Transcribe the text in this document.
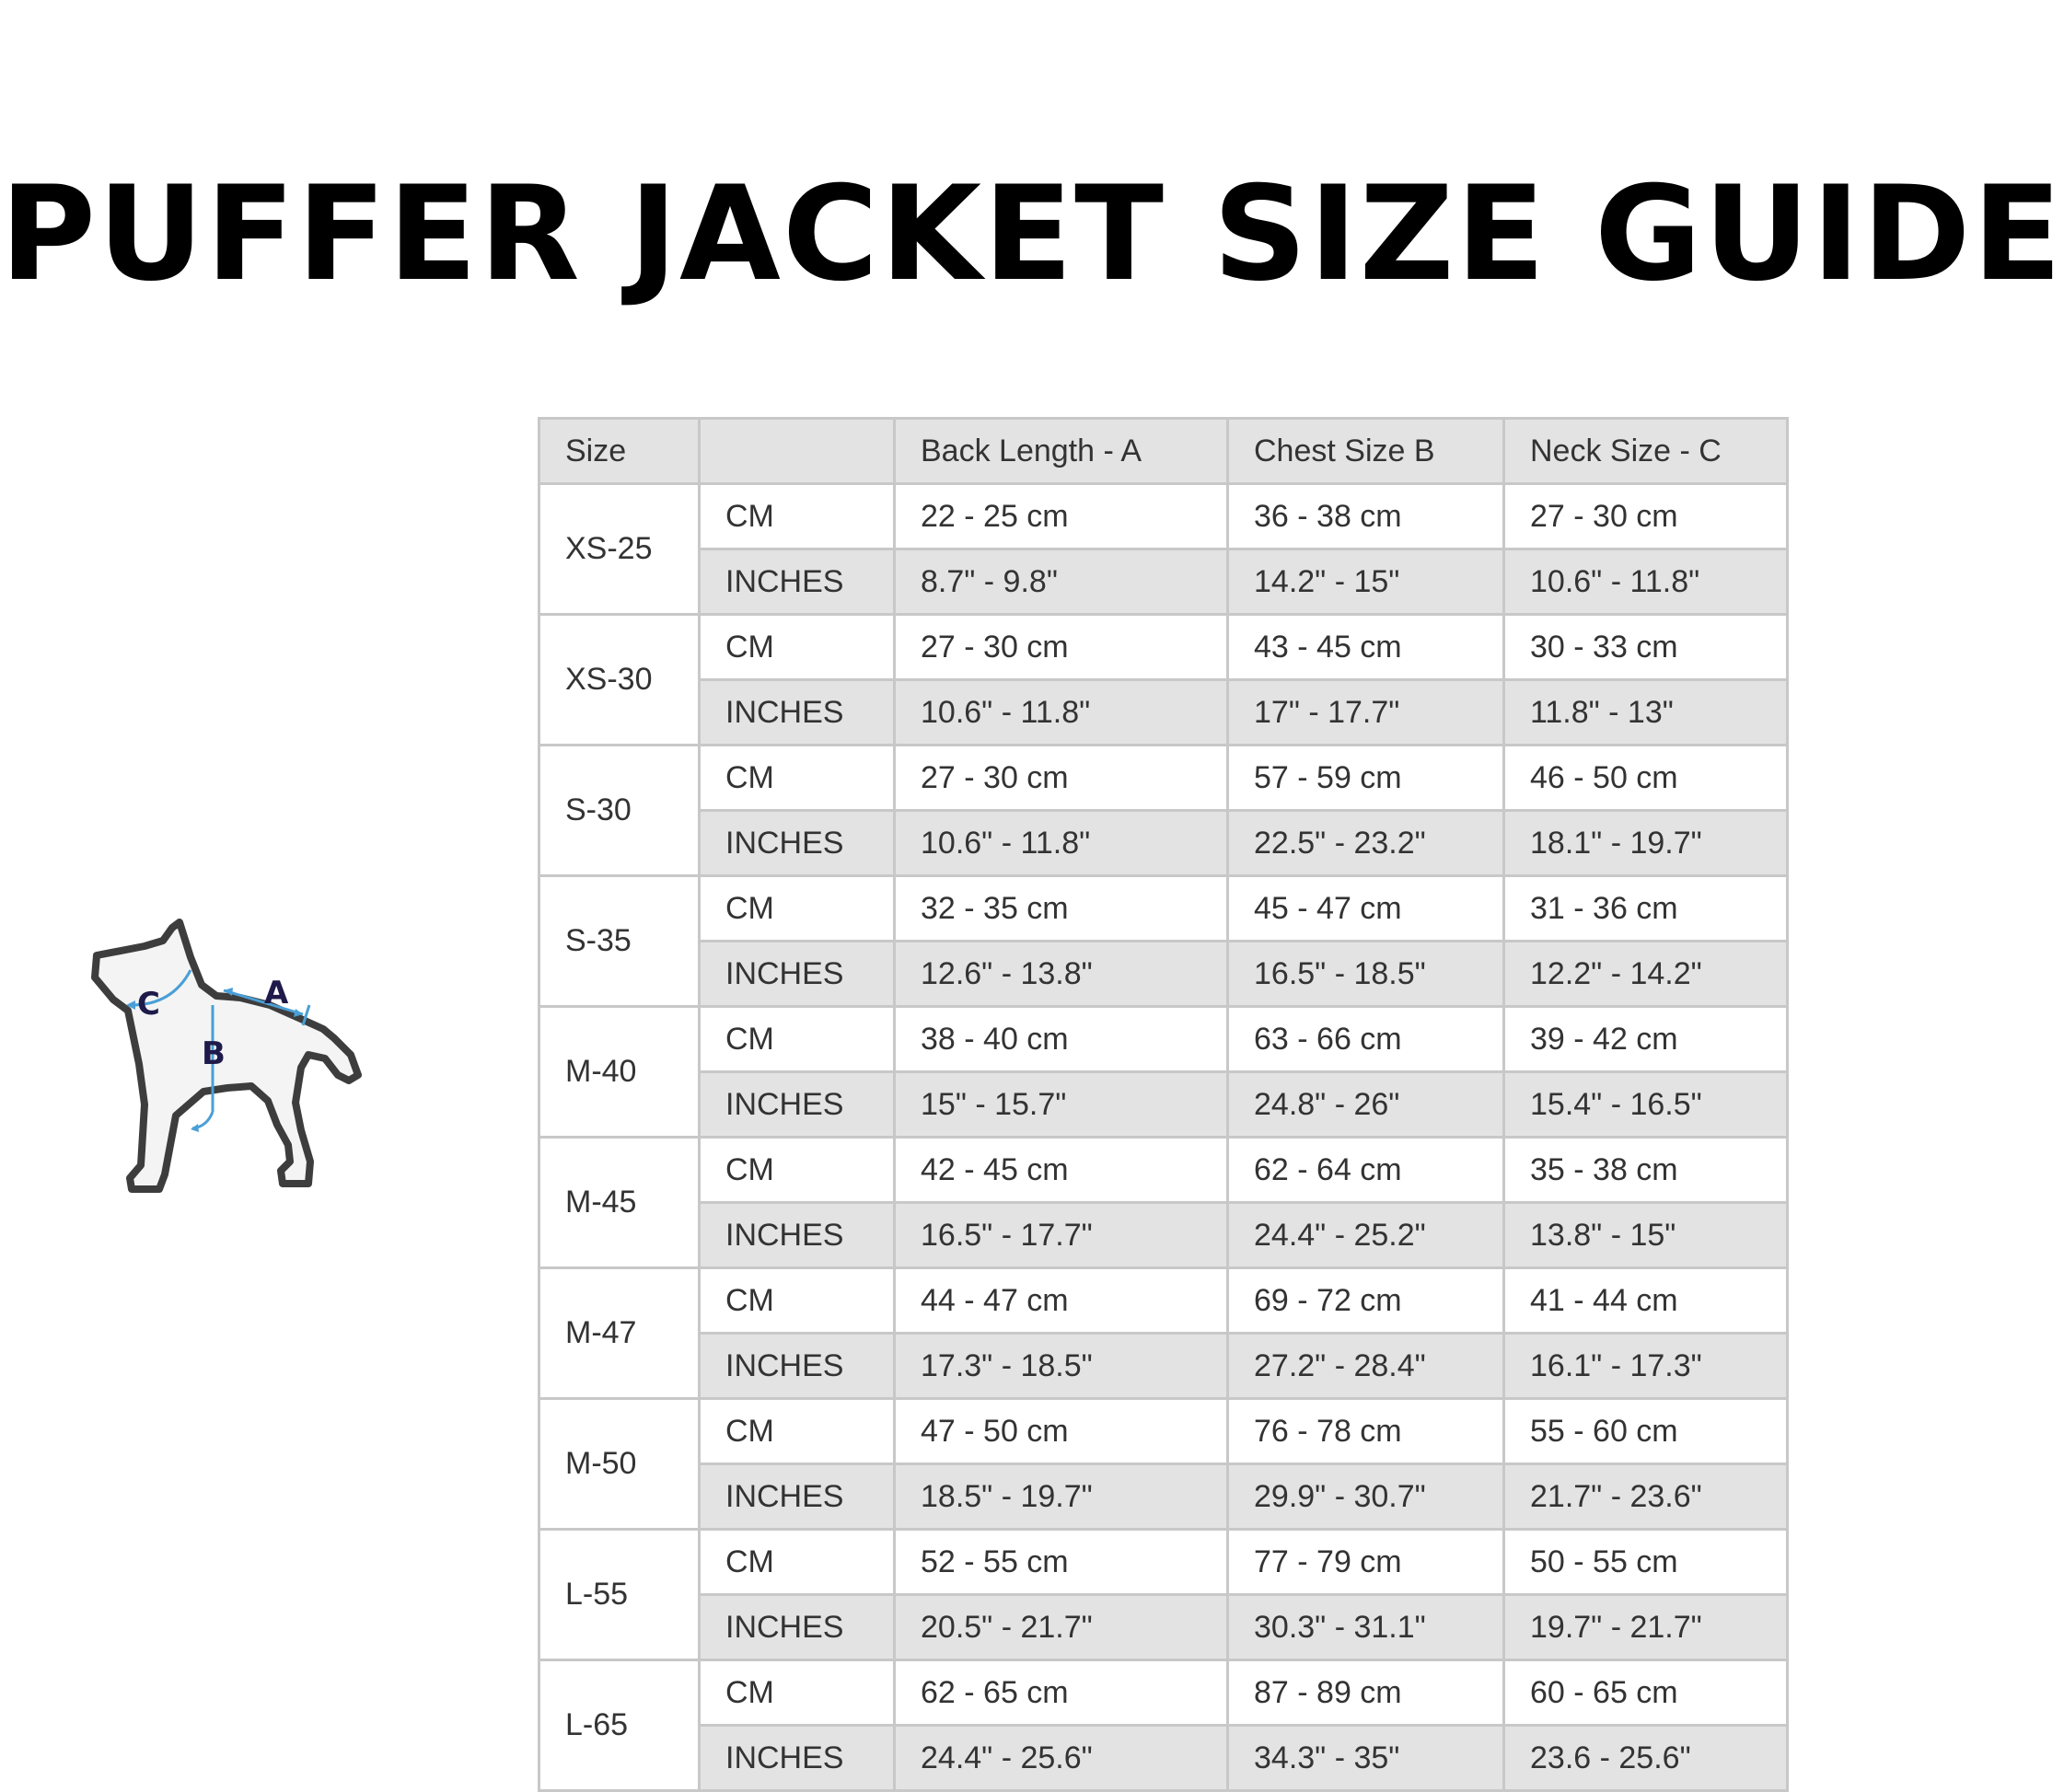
PUFFER JACKET SIZE GUIDE
A
B
C
Size		Back Length - A	Chest Size B	Neck Size - C
XS-25	CM	22 - 25 cm	36 - 38 cm	27 - 30 cm
	INCHES	8.7" - 9.8"	14.2" - 15"	10.6" - 11.8"
XS-30	CM	27 - 30 cm	43 - 45 cm	30 - 33 cm
	INCHES	10.6" - 11.8"	17" - 17.7"	11.8" - 13"
S-30	CM	27 - 30 cm	57 - 59 cm	46 - 50 cm
	INCHES	10.6" - 11.8"	22.5" - 23.2"	18.1" - 19.7"
S-35	CM	32 - 35 cm	45 - 47 cm	31 - 36 cm
	INCHES	12.6" - 13.8"	16.5" - 18.5"	12.2" - 14.2"
M-40	CM	38 - 40 cm	63 - 66 cm	39 - 42 cm
	INCHES	15" - 15.7"	24.8" - 26"	15.4" - 16.5"
M-45	CM	42 - 45 cm	62 - 64 cm	35 - 38 cm
	INCHES	16.5" - 17.7"	24.4" - 25.2"	13.8" - 15"
M-47	CM	44 - 47 cm	69 - 72 cm	41 - 44 cm
	INCHES	17.3" - 18.5"	27.2" - 28.4"	16.1" - 17.3"
M-50	CM	47 - 50 cm	76 - 78 cm	55 - 60 cm
	INCHES	18.5" - 19.7"	29.9" - 30.7"	21.7" - 23.6"
L-55	CM	52 - 55 cm	77 - 79 cm	50 - 55 cm
	INCHES	20.5" - 21.7"	30.3" - 31.1"	19.7" - 21.7"
L-65	CM	62 - 65 cm	87 - 89 cm	60 - 65 cm
	INCHES	24.4" - 25.6"	34.3" - 35"	23.6 - 25.6"
